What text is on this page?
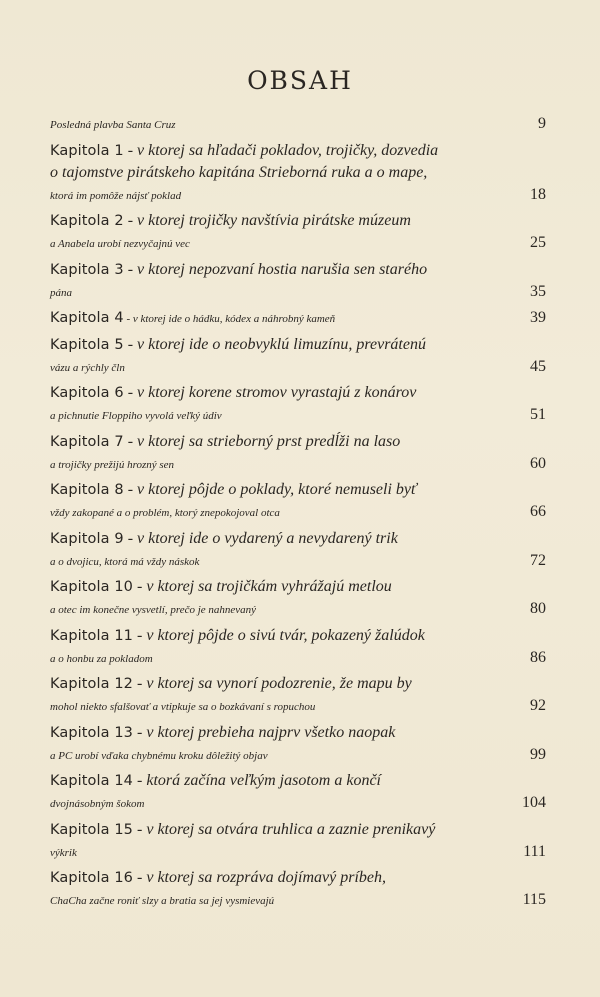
OBSAH
Posledná plavba Santa Cruz	9
Kapitola 1 - v ktorej sa hľadači pokladov, trojičky, dozvedia
o tajomstve pirátskeho kapitána Strieborná ruka a o mape,
ktorá im pomôže nájsť poklad	18
Kapitola 2 - v ktorej trojičky navštívia pirátske múzeum
a Anabela urobí nezvyčajnú vec	25
Kapitola 3 - v ktorej nepozvaní hostia narušia sen starého
pána	35
Kapitola 4 - v ktorej ide o hádku, kódex a náhrobný kameň	39
Kapitola 5 - v ktorej ide o neobvyklú limuzínu, prevrátenú
vázu a rýchly čln	45
Kapitola 6 - v ktorej korene stromov vyrastajú z konárov
a pichnutie Floppiho vyvolá veľký údiv	51
Kapitola 7 - v ktorej sa strieborný prst predĺži na laso
a trojičky prežijú hrozný sen	60
Kapitola 8 - v ktorej pôjde o poklady, ktoré nemuseli byť
vždy zakopané a o problém, ktorý znepokojoval otca	66
Kapitola 9 - v ktorej ide o vydarený a nevydarený trik
a o dvojicu, ktorá má vždy náskok	72
Kapitola 10 - v ktorej sa trojičkám vyhrážajú metlou
a otec im konečne vysvetlí, prečo je nahnevaný	80
Kapitola 11 - v ktorej pôjde o sivú tvár, pokazený žalúdok
a o honbu za pokladom	86
Kapitola 12 - v ktorej sa vynorí podozrenie, že mapu by
mohol niekto sfalšovať a vtipkuje sa o bozkávaní s ropuchou	92
Kapitola 13 - v ktorej prebieha najprv všetko naopak
a PC urobí vďaka chybnému kroku dôležitý objav	99
Kapitola 14 - ktorá začína veľkým jasotom a končí
dvojnásobným šokom	104
Kapitola 15 - v ktorej sa otvára truhlica a zaznie prenikavý
výkrik	111
Kapitola 16 - v ktorej sa rozpráva dojímavý príbeh,
ChaCha začne roniť slzy a bratia sa jej vysmievajú	115
